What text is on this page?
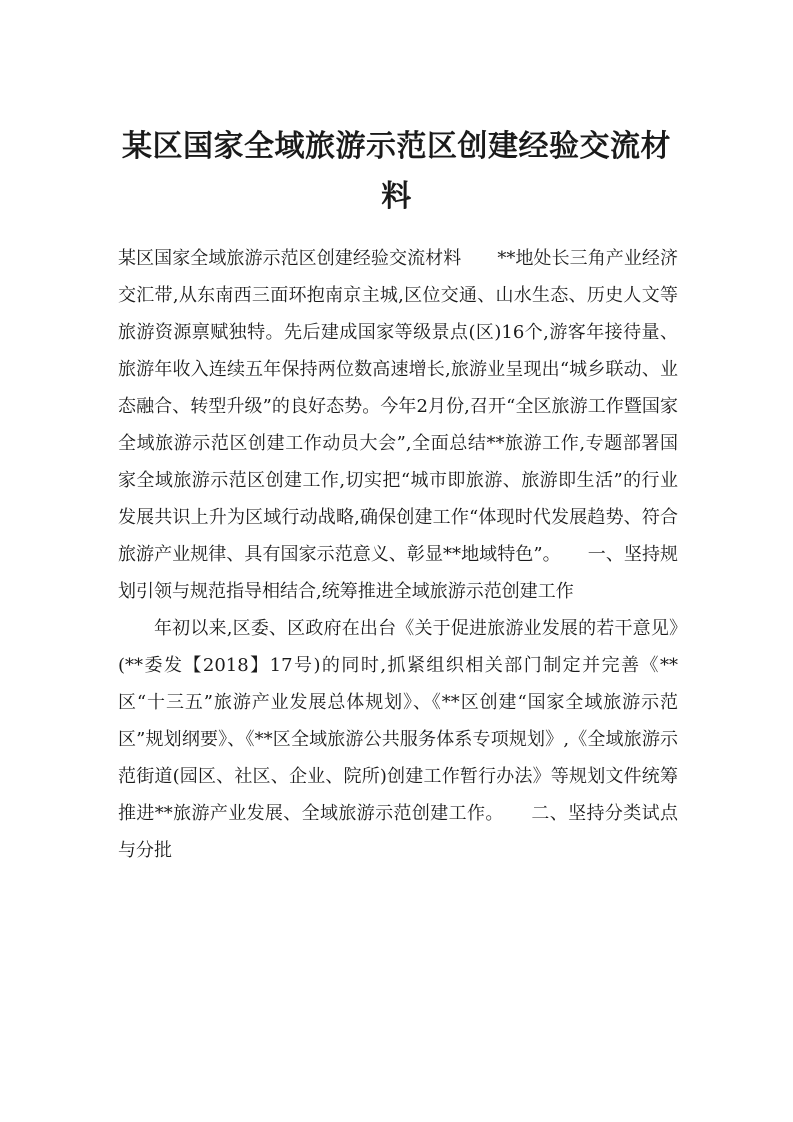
某区国家全域旅游示范区创建经验交流材料

某区国家全域旅游示范区创建经验交流材料　　**地处长三角产业经济交汇带,从东南西三面环抱南京主城,区位交通、山水生态、历史人文等旅游资源禀赋独特。先后建成国家等级景点(区)16个,游客年接待量、旅游年收入连续五年保持两位数高速增长,旅游业呈现出“城乡联动、业态融合、转型升级”的良好态势。今年2月份,召开“全区旅游工作暨国家全域旅游示范区创建工作动员大会”,全面总结**旅游工作,专题部署国家全域旅游示范区创建工作,切实把“城市即旅游、旅游即生活”的行业发展共识上升为区域行动战略,确保创建工作“体现时代发展趋势、符合旅游产业规律、具有国家示范意义、彰显**地域特色”。　　一、坚持规划引领与规范指导相结合,统筹推进全域旅游示范创建工作

年初以来,区委、区政府在出台《关于促进旅游业发展的若干意见》(**委发【2018】17号)的同时,抓紧组织相关部门制定并完善《**区“十三五”旅游产业发展总体规划》、《**区创建“国家全域旅游示范区”规划纲要》、《**区全域旅游公共服务体系专项规划》,《全域旅游示范街道(园区、社区、企业、院所)创建工作暂行办法》等规划文件统筹推进**旅游产业发展、全域旅游示范创建工作。　　二、坚持分类试点与分批
